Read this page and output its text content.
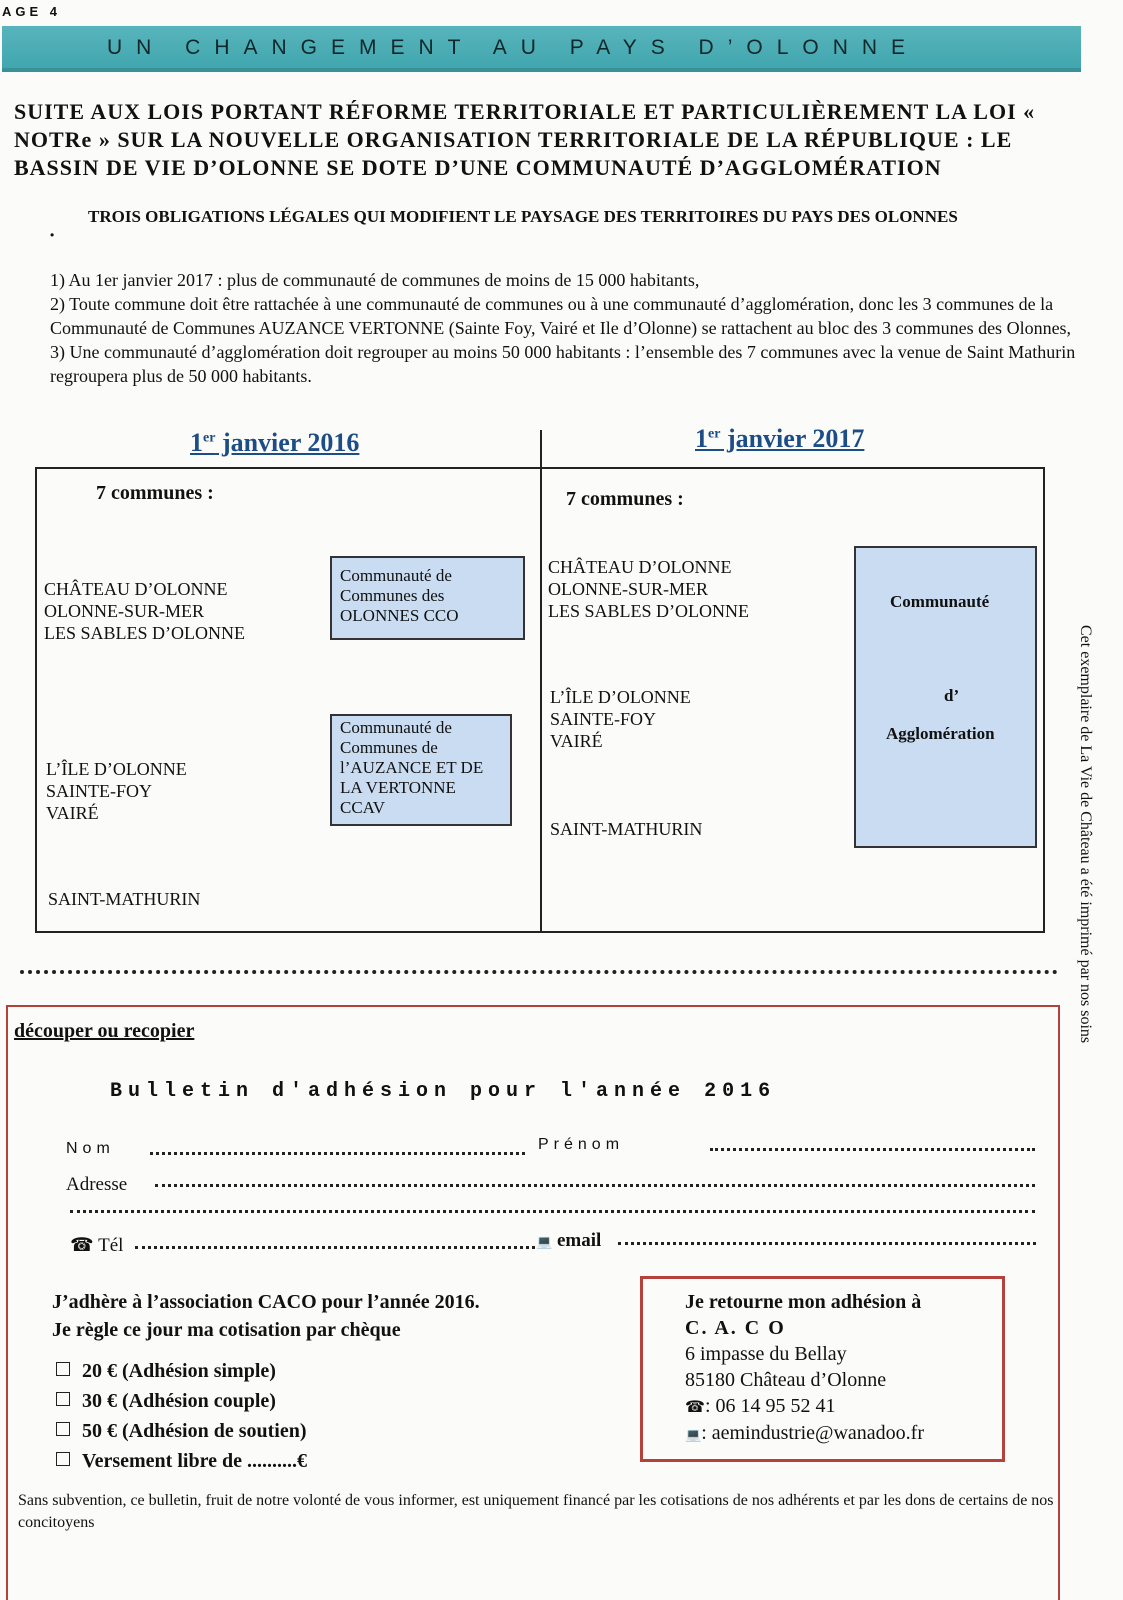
AGE 4
UN CHANGEMENT AU PAYS D’OLONNE
SUITE AUX LOIS PORTANT RÉFORME TERRITORIALE ET PARTICULIÈREMENT LA LOI « NOTRe » SUR LA NOUVELLE ORGANISATION TERRITORIALE DE LA RÉPUBLIQUE : LE BASSIN DE VIE D’OLONNE SE DOTE D’UNE COMMUNAUTÉ D’AGGLOMÉRATION
•
TROIS OBLIGATIONS LÉGALES QUI MODIFIENT LE PAYSAGE DES TERRITOIRES DU PAYS DES OLONNES

1) Au 1er janvier 2017 : plus de communauté de communes de moins de 15 000 habitants,

2) Toute commune doit être rattachée à une communauté de communes ou à une communauté d’agglomération, donc les 3 communes de la Communauté de Communes AUZANCE VERTONNE (Sainte Foy, Vairé et Ile d’Olonne) se rattachent au bloc des 3 communes des Olonnes,

3) Une communauté d’agglomération doit regrouper au moins 50 000 habitants : l’ensemble des 7 communes avec la venue de Saint Mathurin regroupera plus de 50 000 habitants.

1er janvier 2016	1er janvier 2017
7 communes :
CHÂTEAU D’OLONNE
OLONNE-SUR-MER
LES SABLES D’OLONNE
Communauté de Communes des OLONNES CCO
L’ÎLE D’OLONNE
SAINTE-FOY
VAIRÉ
Communauté de Communes de l’AUZANCE ET DE LA VERTONNE CCAV
SAINT-MATHURIN
7 communes :
CHÂTEAU D’OLONNE
OLONNE-SUR-MER
LES SABLES D’OLONNE
L’ÎLE D’OLONNE
SAINTE-FOY
VAIRÉ
SAINT-MATHURIN
Communauté
d’
Agglomération
découper ou recopier
Bulletin d'adhésion pour l'année 2016
Nom	Prénom
Adresse
☎ Tél	💻 email
J’adhère à l’association CACO pour l’année 2016.
Je règle ce jour ma cotisation par chèque
20 € (Adhésion simple)
30 € (Adhésion couple)
50 € (Adhésion de soutien)
Versement libre de ..........€
Je retourne mon adhésion à
C. A. C O
6 impasse du Bellay
85180 Château d’Olonne
☎: 06 14 95 52 41
💻: aemindustrie@wanadoo.fr
Sans subvention, ce bulletin, fruit de notre volonté de vous informer, est uniquement financé par les cotisations de nos adhérents et par les dons de certains de nos concitoyens
Cet exemplaire de La Vie de Château a été imprimé par nos soins
